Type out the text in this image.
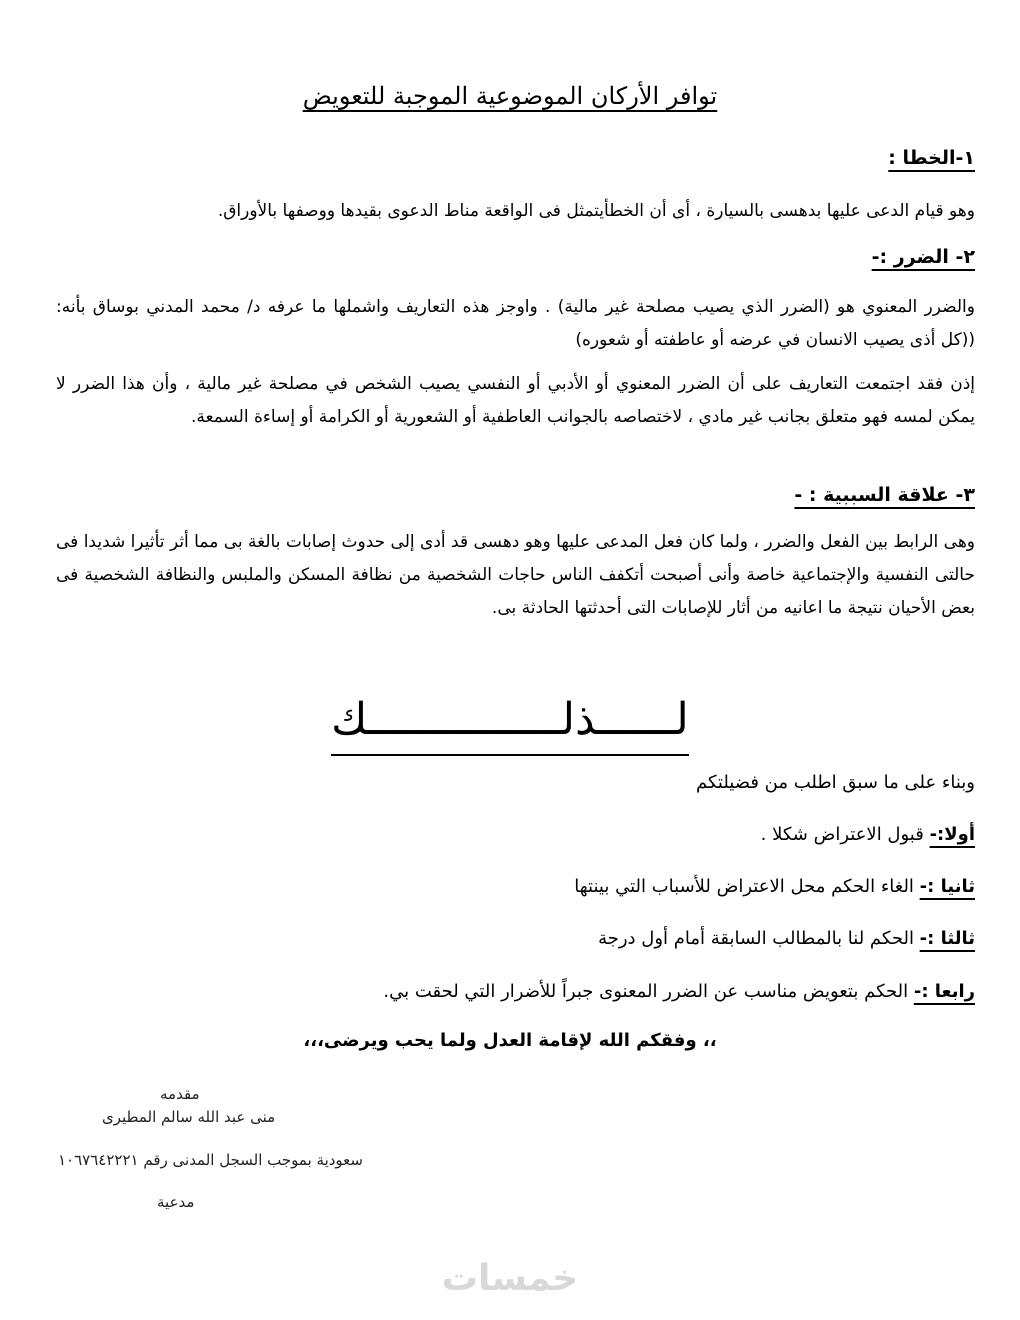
توافر الأركان الموضوعية الموجبة للتعويض
١-الخطا :
وهو قيام الدعى عليها بدهسى بالسيارة ، أى أن الخطأيتمثل فى الواقعة مناط الدعوى بقيدها ووصفها بالأوراق.
٢- الضرر :-
والضرر المعنوي هو (الضرر الذي يصيب مصلحة غير مالية) . واوجز هذه التعاريف واشملها ما عرفه د/ محمد المدني بوساق بأنه: ((كل أذى يصيب الانسان في عرضه أو عاطفته أو شعوره)
إذن فقد اجتمعت التعاريف على أن الضرر المعنوي أو الأدبي أو النفسي يصيب الشخص في مصلحة غير مالية ، وأن هذا الضرر لا يمكن لمسه فهو متعلق بجانب غير مادي ، لاختصاصه بالجوانب العاطفية أو الشعورية أو الكرامة أو إساءة السمعة.
٣- علاقة السببية : -
وهى الرابط بين الفعل والضرر ، ولما كان فعل المدعى عليها وهو دهسى قد أدى إلى حدوث إصابات بالغة بى مما أثر تأثيرا شديدا فى حالتى النفسية والإجتماعية خاصة وأنى أصبحت أتكفف الناس حاجات الشخصية من نظافة المسكن والملبس والنظافة الشخصية فى بعض الأحيان نتيجة ما اعانيه من أثار للإصابات التى أحدثتها الحادثة بى.
لــــــذلـــــــــــــــك
وبناء على ما سبق اطلب من فضيلتكم
أولا:- قبول الاعتراض شكلا .
ثانيا :- الغاء الحكم محل الاعتراض للأسباب التي بينتها
ثالثا :- الحكم لنا بالمطالب السابقة أمام أول درجة
رابعا :- الحكم بتعويض مناسب عن الضرر المعنوى جبراً للأضرار التي لحقت بي.
،، وفقكم الله لإقامة العدل ولما يحب ويرضى،،،
مقدمه
منى عبد الله سالم المطيرى
سعودية بموجب السجل المدنى رقم ١٠٦٧٦٤٢٢٢١
مدعية
خمسات
